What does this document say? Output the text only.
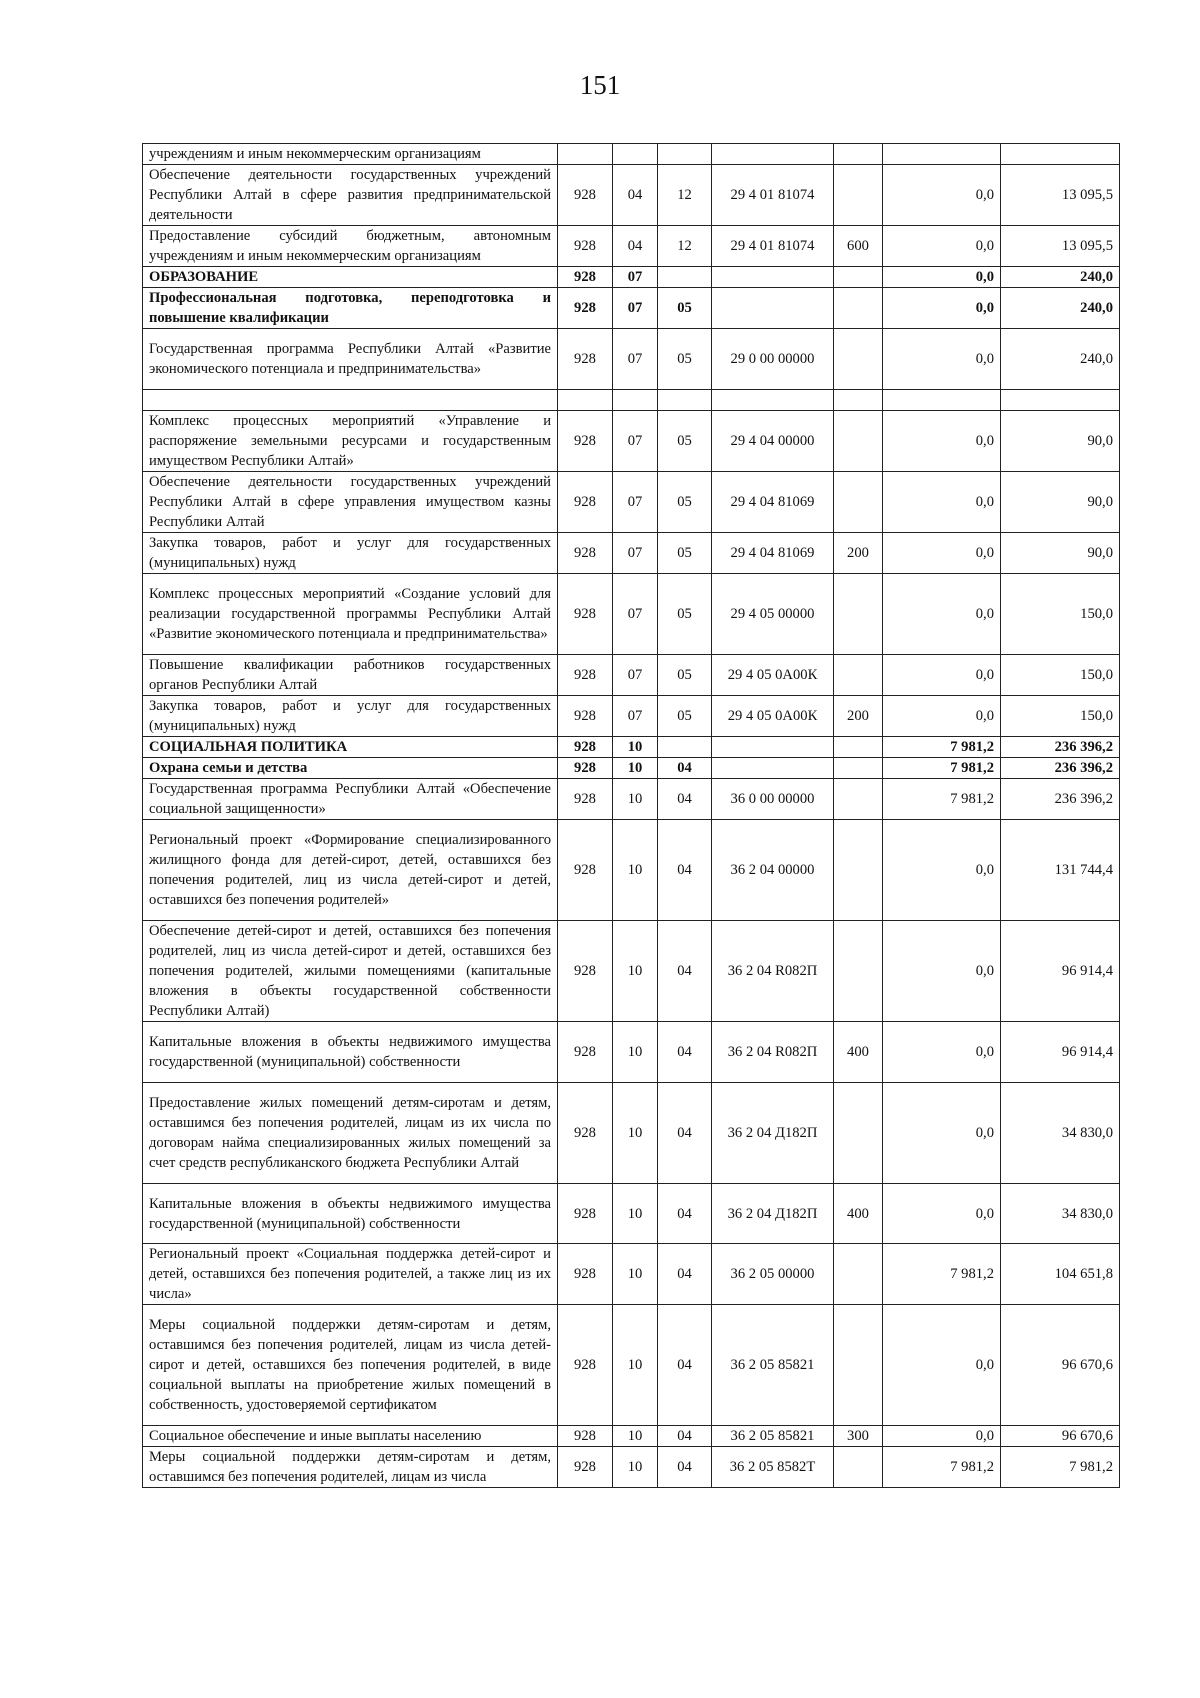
151
учреждениям и иным некоммерческим организациям							
Обеспечение деятельности государственных учреждений Республики Алтай в сфере развития предпринимательской деятельности	928	04	12	29 4 01 81074		0,0	13 095,5
Предоставление субсидий бюджетным, автономным учреждениям и иным некоммерческим организациям	928	04	12	29 4 01 81074	600	0,0	13 095,5
ОБРАЗОВАНИЕ	928	07				0,0	240,0
Профессиональная подготовка, переподготовка и повышение квалификации	928	07	05			0,0	240,0
Государственная программа Республики Алтай «Развитие экономического потенциала и предпринимательства»	928	07	05	29 0 00 00000		0,0	240,0

Комплекс процессных мероприятий «Управление и распоряжение земельными ресурсами и государственным имуществом Республики Алтай»	928	07	05	29 4 04 00000		0,0	90,0
Обеспечение деятельности государственных учреждений Республики Алтай в сфере управления имуществом казны Республики Алтай	928	07	05	29 4 04 81069		0,0	90,0
Закупка товаров, работ и услуг для государственных (муниципальных) нужд	928	07	05	29 4 04 81069	200	0,0	90,0
Комплекс процессных мероприятий «Создание условий для реализации государственной программы Республики Алтай «Развитие экономического потенциала и предпринимательства»	928	07	05	29 4 05 00000		0,0	150,0
Повышение квалификации работников государственных органов Республики Алтай	928	07	05	29 4 05 0А00К		0,0	150,0
Закупка товаров, работ и услуг для государственных (муниципальных) нужд	928	07	05	29 4 05 0А00К	200	0,0	150,0
СОЦИАЛЬНАЯ ПОЛИТИКА	928	10				7 981,2	236 396,2
Охрана семьи и детства	928	10	04			7 981,2	236 396,2
Государственная программа Республики Алтай «Обеспечение социальной защищенности»	928	10	04	36 0 00 00000		7 981,2	236 396,2
Региональный проект «Формирование специализированного жилищного фонда для детей-сирот, детей, оставшихся без попечения родителей, лиц из числа детей-сирот и детей, оставшихся без попечения родителей»	928	10	04	36 2 04 00000		0,0	131 744,4
Обеспечение детей-сирот и детей, оставшихся без попечения родителей, лиц из числа детей-сирот и детей, оставшихся без попечения родителей, жилыми помещениями (капитальные вложения в объекты государственной собственности Республики Алтай)	928	10	04	36 2 04 R082П		0,0	96 914,4
Капитальные вложения в объекты недвижимого имущества государственной (муниципальной) собственности	928	10	04	36 2 04 R082П	400	0,0	96 914,4
Предоставление жилых помещений детям-сиротам и детям, оставшимся без попечения родителей, лицам из их числа по договорам найма специализированных жилых помещений за счет средств республиканского бюджета Республики Алтай	928	10	04	36 2 04 Д182П		0,0	34 830,0
Капитальные вложения в объекты недвижимого имущества государственной (муниципальной) собственности	928	10	04	36 2 04 Д182П	400	0,0	34 830,0
Региональный проект «Социальная поддержка детей-сирот и детей, оставшихся без попечения родителей, а также лиц из их числа»	928	10	04	36 2 05 00000		7 981,2	104 651,8
Меры социальной поддержки детям-сиротам и детям, оставшимся без попечения родителей, лицам из числа детей-сирот и детей, оставшихся без попечения родителей, в виде социальной выплаты на приобретение жилых помещений в собственность, удостоверяемой сертификатом	928	10	04	36 2 05 85821		0,0	96 670,6
Социальное обеспечение и иные выплаты населению	928	10	04	36 2 05 85821	300	0,0	96 670,6
Меры социальной поддержки детям-сиротам и детям, оставшимся без попечения родителей, лицам из числа	928	10	04	36 2 05 8582Т		7 981,2	7 981,2
